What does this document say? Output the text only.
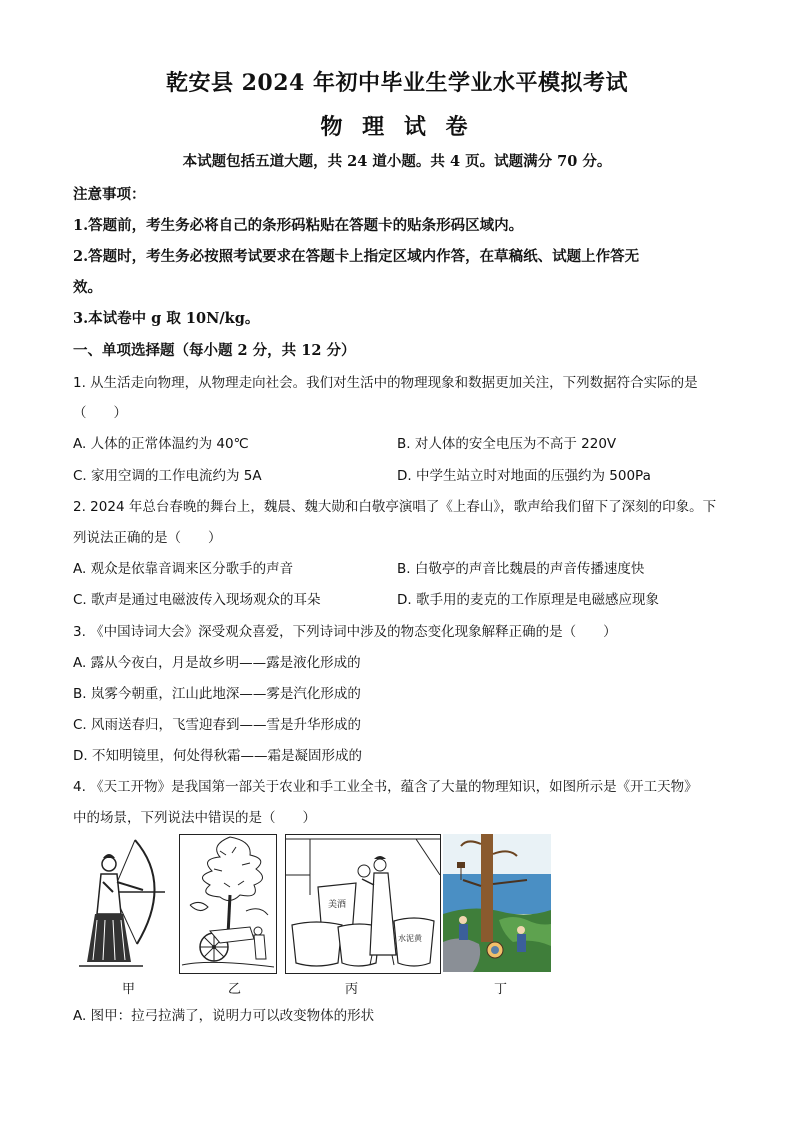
乾安县 2024 年初中毕业生学业水平模拟考试
物 理 试 卷
本试题包括五道大题，共 24 道小题。共 4 页。试题满分 70 分。
注意事项：
1.答题前，考生务必将自己的条形码粘贴在答题卡的贴条形码区域内。
2.答题时，考生务必按照考试要求在答题卡上指定区域内作答，在草稿纸、试题上作答无
效。
3.本试卷中 g 取 10N/kg。
一、单项选择题（每小题 2 分，共 12 分）
1. 从生活走向物理，从物理走向社会。我们对生活中的物理现象和数据更加关注，下列数据符合实际的是
（　　）
A. 人体的正常体温约为 40℃	B. 对人体的安全电压为不高于 220V
C. 家用空调的工作电流约为 5A	D. 中学生站立时对地面的压强约为 500Pa
2. 2024 年总台春晚的舞台上，魏晨、魏大勋和白敬亭演唱了《上春山》，歌声给我们留下了深刻的印象。下
列说法正确的是（　　）
A. 观众是依靠音调来区分歌手的声音	B. 白敬亭的声音比魏晨的声音传播速度快
C. 歌声是通过电磁波传入现场观众的耳朵	D. 歌手用的麦克的工作原理是电磁感应现象
3. 《中国诗词大会》深受观众喜爱，下列诗词中涉及的物态变化现象解释正确的是（　　）
A. 露从今夜白，月是故乡明——露是液化形成的
B. 岚雾今朝重，江山此地深——雾是汽化形成的
C. 风雨送春归，飞雪迎春到——雪是升华形成的
D. 不知明镜里，何处得秋霜——霜是凝固形成的
4. 《天工开物》是我国第一部关于农业和手工业全书，蕴含了大量的物理知识，如图所示是《开工天物》
中的场景，下列说法中错误的是（　　）
美酒
水泥黄
甲	乙	丙	丁
A. 图甲：拉弓拉满了，说明力可以改变物体的形状
